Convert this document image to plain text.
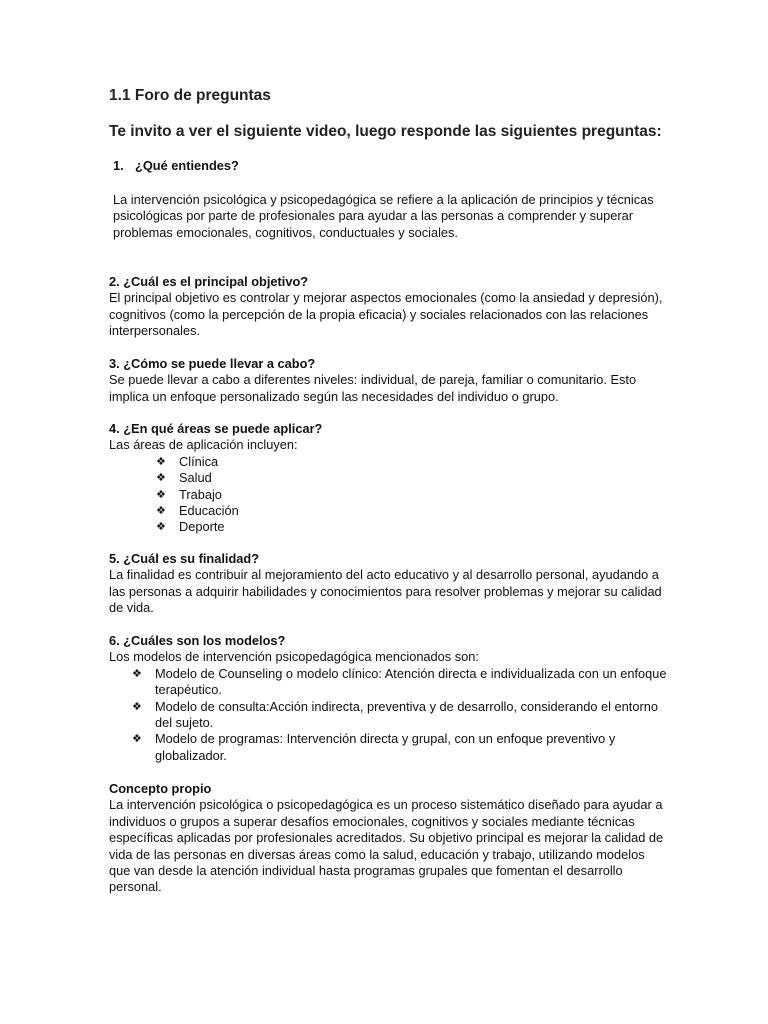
1.1 Foro de preguntas
Te invito a ver el siguiente video, luego responde las siguientes preguntas:
1. ¿Qué entiendes?
La intervención psicológica y psicopedagógica se refiere a la aplicación de principios y técnicas psicológicas por parte de profesionales para ayudar a las personas a comprender y superar problemas emocionales, cognitivos, conductuales y sociales.
2. ¿Cuál es el principal objetivo?
El principal objetivo es controlar y mejorar aspectos emocionales (como la ansiedad y depresión), cognitivos (como la percepción de la propia eficacia) y sociales relacionados con las relaciones interpersonales.
3. ¿Cómo se puede llevar a cabo?
Se puede llevar a cabo a diferentes niveles: individual, de pareja, familiar o comunitario. Esto implica un enfoque personalizado según las necesidades del individuo o grupo.
4. ¿En qué áreas se puede aplicar?
Las áreas de aplicación incluyen:
❖ Clínica
❖ Salud
❖ Trabajo
❖ Educación
❖ Deporte
5. ¿Cuál es su finalidad?
La finalidad es contribuir al mejoramiento del acto educativo y al desarrollo personal, ayudando a las personas a adquirir habilidades y conocimientos para resolver problemas y mejorar su calidad de vida.
6. ¿Cuáles son los modelos?
Los modelos de intervención psicopedagógica mencionados son:
❖ Modelo de Counseling o modelo clínico: Atención directa e individualizada con un enfoque terapéutico.
❖ Modelo de consulta:Acción indirecta, preventiva y de desarrollo, considerando el entorno del sujeto.
❖ Modelo de programas: Intervención directa y grupal, con un enfoque preventivo y globalizador.
Concepto propio
La intervención psicológica o psicopedagógica es un proceso sistemático diseñado para ayudar a individuos o grupos a superar desafíos emocionales, cognitivos y sociales mediante técnicas específicas aplicadas por profesionales acreditados. Su objetivo principal es mejorar la calidad de vida de las personas en diversas áreas como la salud, educación y trabajo, utilizando modelos que van desde la atención individual hasta programas grupales que fomentan el desarrollo personal.
